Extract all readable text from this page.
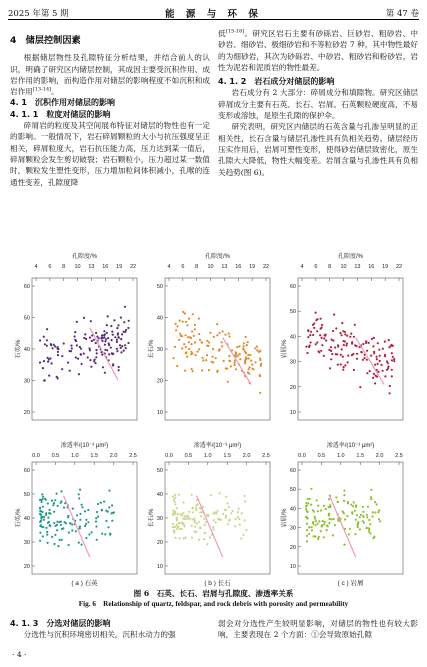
2025 年第 5 期	能 源 与 环 保	第 47 卷
4　储层控制因素

根据储层物性及孔隙特征分析结果，并结合前人的认识，明确了研究区内储层控制，其成因主要受沉积作用、成岩作用的影响，而构造作用对储层的影响程度不如沉积和成岩作用[13-14]。

4. 1　沉积作用对储层的影响
4. 1. 1　粒度对储层的影响

碎屑岩的粒度及其空间展布特征对储层的物性也有一定的影响。一般情况下，岩石碎屑颗粒的大小与抗压强度呈正相关，碎屑粒度大，岩石抗压能力高，压力达到某一值后，碎屑颗粒会发生剪切破裂；岩石颗粒小，压力超过某一数值时，颗粒发生塑性变形，压力增加粒间体积减小，孔喉的连通性变差，孔隙度降

低[15-16]。研究区岩石主要有砂砾岩、巨砂岩、粗砂岩、中砂岩、细砂岩、极细砂岩和不等粒砂岩 7 种，其中物性最好的为细砂岩，其次为砂砾岩、中砂岩、粗砂岩和粉砂岩，岩性为泥岩和泥质岩的物性最差。

4. 1. 2　岩石成分对储层的影响

岩石成分有 2 大部分：碎屑成分和填隙物。研究区储层碎屑成分主要有石英、长石、岩屑。石英颗粒硬度高，不易变形或溶蚀，是原生孔隙的保护伞。

研究表明，研究区内储层的石英含量与孔渗呈明显的正相关性，长石含量与储层孔渗性具有负相关趋势。储层经历压实作用后，岩屑可塑性变形，使得砂岩储层致密化，原生孔隙大大降低，物性大幅变差。岩屑含量与孔渗性具有负相关趋势(图 6)。

孔隙度/%
4 6 8 10 13 16 19 22
20
30
40
50
60
石英/%
渗透率/(10⁻³ μm²)
0.0 0.5 1.0 1.5 2.0 2.5
20
30
40
50
60
石英/%
( a ) 石英
孔隙度/%
4 6 8 10 13 16 19 22
10
20
30
40
50
长石/%
渗透率/(10⁻³ μm²)
0.0 0.5 1.0 1.5 2.0 2.5
10
20
30
40
50
长石/%
( b ) 长石
孔隙度/%
4 6 8 10 13 16 19 22
10
20
30
40
50
60
岩屑/%
渗透率/(10⁻³ μm²)
0.0 0.5 1.0 1.5 2.0 2.5
10
20
30
40
50
60
岩屑/%
( c ) 岩屑
图 6　石英、长石、岩屑与孔隙度、渗透率关系
Fig. 6　Relationship of quartz, feldspar, and rock debris with porosity and permeability
4. 1. 3　分选对储层的影响

分选性与沉积环境密切相关，沉积水动力的强

弱会对分选性产生较明显影响，对储层的物性也有较大影响，主要表现在 2 个方面：①会导致原始孔隙

· 4 ·
